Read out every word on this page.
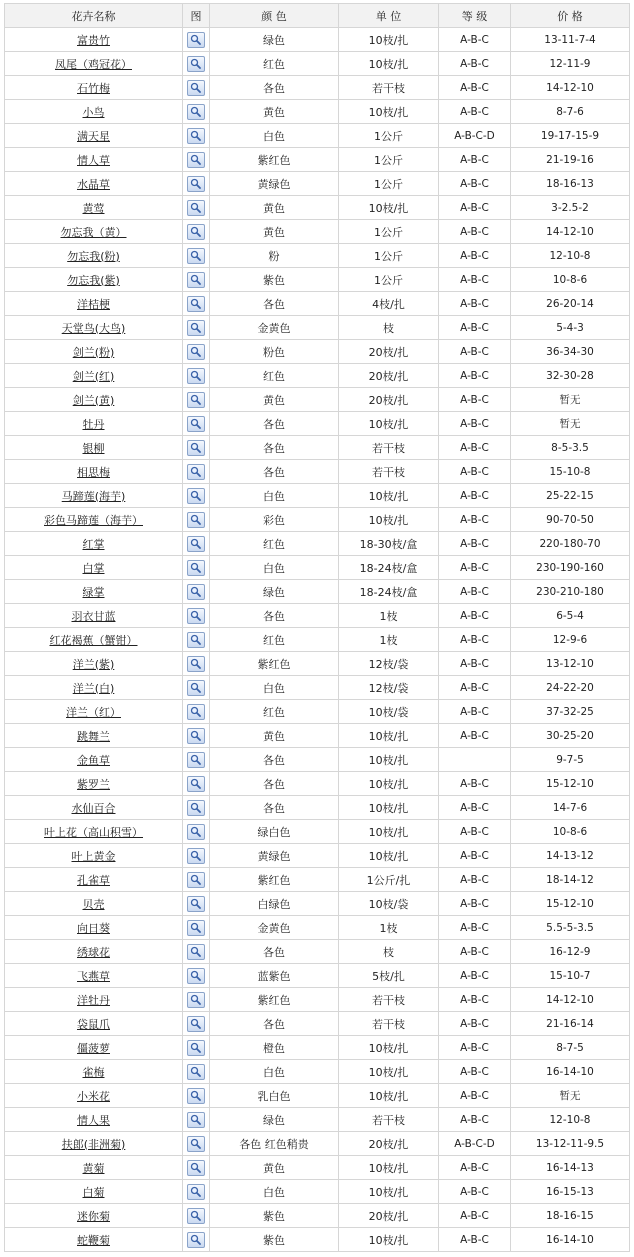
花卉名称	图	颜 色	单 位	等 级	价 格
富贵竹		绿色	10枝/扎	A-B-C	13-11-7-4
凤尾（鸡冠花）		红色	10枝/扎	A-B-C	12-11-9
石竹梅		各色	若干枝	A-B-C	14-12-10
小鸟		黄色	10枝/扎	A-B-C	8-7-6
满天星		白色	1公斤	A-B-C-D	19-17-15-9
情人草		紫红色	1公斤	A-B-C	21-19-16
水晶草		黄绿色	1公斤	A-B-C	18-16-13
黄莺		黄色	10枝/扎	A-B-C	3-2.5-2
勿忘我（黄）		黄色	1公斤	A-B-C	14-12-10
勿忘我(粉)		粉	1公斤	A-B-C	12-10-8
勿忘我(紫)		紫色	1公斤	A-B-C	10-8-6
洋桔梗		各色	4枝/扎	A-B-C	26-20-14
天堂鸟(大鸟)		金黄色	枝	A-B-C	5-4-3
剑兰(粉)		粉色	20枝/扎	A-B-C	36-34-30
剑兰(红)		红色	20枝/扎	A-B-C	32-30-28
剑兰(黄)		黄色	20枝/扎	A-B-C	暂无
牡丹		各色	10枝/扎	A-B-C	暂无
银柳		各色	若干枝	A-B-C	8-5-3.5
相思梅		各色	若干枝	A-B-C	15-10-8
马蹄莲(海芋)		白色	10枝/扎	A-B-C	25-22-15
彩色马蹄莲（海芋）		彩色	10枝/扎	A-B-C	90-70-50
红掌		红色	18-30枝/盒	A-B-C	220-180-70
白掌		白色	18-24枝/盒	A-B-C	230-190-160
绿掌		绿色	18-24枝/盒	A-B-C	230-210-180
羽衣甘蓝		各色	1枝	A-B-C	6-5-4
红花褐蕉（蟹钳）		红色	1枝	A-B-C	12-9-6
洋兰(紫)		紫红色	12枝/袋	A-B-C	13-12-10
洋兰(白)		白色	12枝/袋	A-B-C	24-22-20
洋兰（红）		红色	10枝/袋	A-B-C	37-32-25
跳舞兰		黄色	10枝/扎	A-B-C	30-25-20
金鱼草		各色	10枝/扎		9-7-5
紫罗兰		各色	10枝/扎	A-B-C	15-12-10
水仙百合		各色	10枝/扎	A-B-C	14-7-6
叶上花（高山积雪）		绿白色	10枝/扎	A-B-C	10-8-6
叶上黄金		黄绿色	10枝/扎	A-B-C	14-13-12
孔雀草		紫红色	1公斤/扎	A-B-C	18-14-12
贝壳		白绿色	10枝/袋	A-B-C	15-12-10
向日葵		金黄色	1枝	A-B-C	5.5-5-3.5
绣球花		各色	枝	A-B-C	16-12-9
飞燕草		蓝紫色	5枝/扎	A-B-C	15-10-7
洋牡丹		紫红色	若干枝	A-B-C	14-12-10
袋鼠爪		各色	若干枝	A-B-C	21-16-14
僵菠萝		橙色	10枝/扎	A-B-C	8-7-5
雀梅		白色	10枝/扎	A-B-C	16-14-10
小米花		乳白色	10枝/扎	A-B-C	暂无
情人果		绿色	若干枝	A-B-C	12-10-8
扶郎(非洲菊)		各色 红色稍贵	20枝/扎	A-B-C-D	13-12-11-9.5
黄菊		黄色	10枝/扎	A-B-C	16-14-13
白菊		白色	10枝/扎	A-B-C	16-15-13
迷你菊		紫色	20枝/扎	A-B-C	18-16-15
蛇鞭菊		紫色	10枝/扎	A-B-C	16-14-10
